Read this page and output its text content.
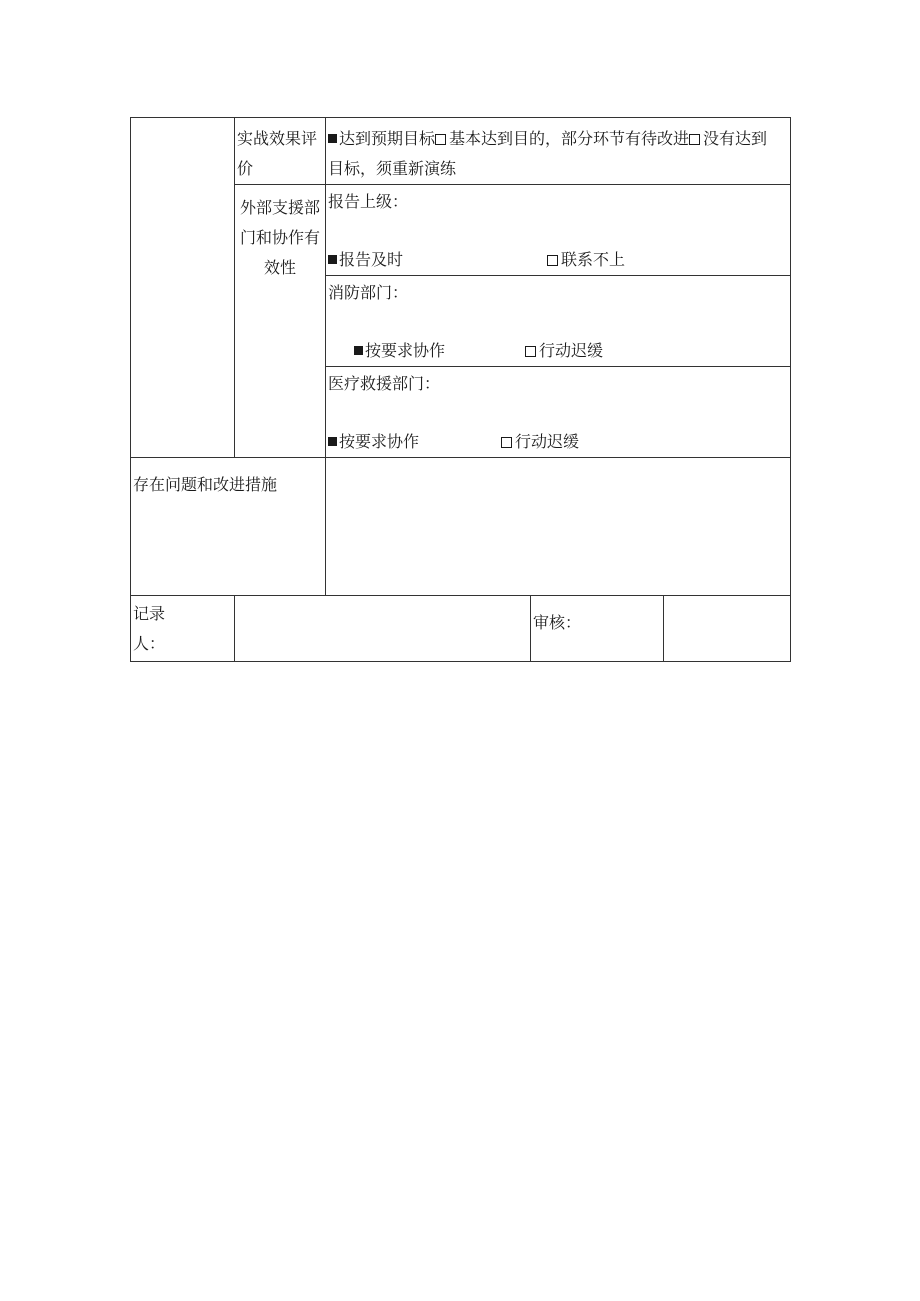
	实战效果评价	达到预期目标 基本达到目的，部分环节有待改进 没有达到目标，须重新演练		

	外部支援部门和协作有效性	报告上级：
报告及时 联系不上		

		消防部门：
按要求协作 行动迟缓		

		医疗救援部门：
按要求协作 行动迟缓		

存在问题和改进措施				

记录人：			审核：	
